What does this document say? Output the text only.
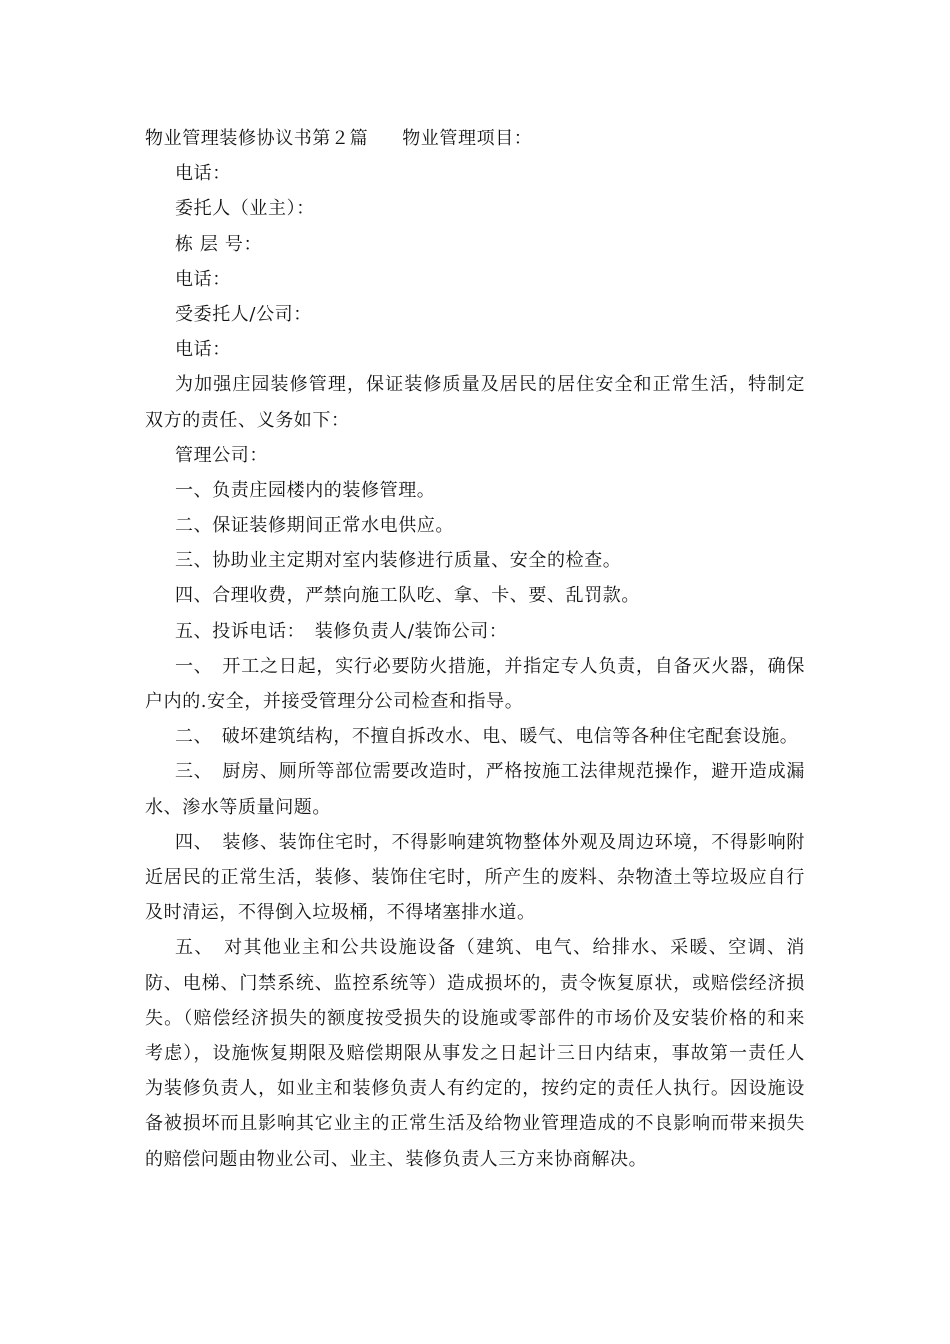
物业管理装修协议书第２篇 物业管理项目：
电话：
委托人（业主）：
栋 层 号：
电话：
受委托人/公司：
电话：
为加强庄园装修管理，保证装修质量及居民的居住安全和正常生活，特制定双方的责任、义务如下：
管理公司：
一、负责庄园楼内的装修管理。
二、保证装修期间正常水电供应。
三、协助业主定期对室内装修进行质量、安全的检查。
四、合理收费，严禁向施工队吃、拿、卡、要、乱罚款。
五、投诉电话：　装修负责人/装饰公司：
一、　开工之日起，实行必要防火措施，并指定专人负责，自备灭火器，确保户内的.安全，并接受管理分公司检查和指导。
二、　破坏建筑结构，不擅自拆改水、电、暖气、电信等各种住宅配套设施。
三、　厨房、厕所等部位需要改造时，严格按施工法律规范操作，避开造成漏水、渗水等质量问题。
四、　装修、装饰住宅时，不得影响建筑物整体外观及周边环境，不得影响附近居民的正常生活，装修、装饰住宅时，所产生的废料、杂物渣土等垃圾应自行及时清运，不得倒入垃圾桶，不得堵塞排水道。
五、　对其他业主和公共设施设备（建筑、电气、给排水、采暖、空调、消防、电梯、门禁系统、监控系统等）造成损坏的，责令恢复原状，或赔偿经济损失。（赔偿经济损失的额度按受损失的设施或零部件的市场价及安装价格的和来考虑），设施恢复期限及赔偿期限从事发之日起计三日内结束，事故第一责任人为装修负责人，如业主和装修负责人有约定的，按约定的责任人执行。因设施设备被损坏而且影响其它业主的正常生活及给物业管理造成的不良影响而带来损失的赔偿问题由物业公司、业主、装修负责人三方来协商解决。
